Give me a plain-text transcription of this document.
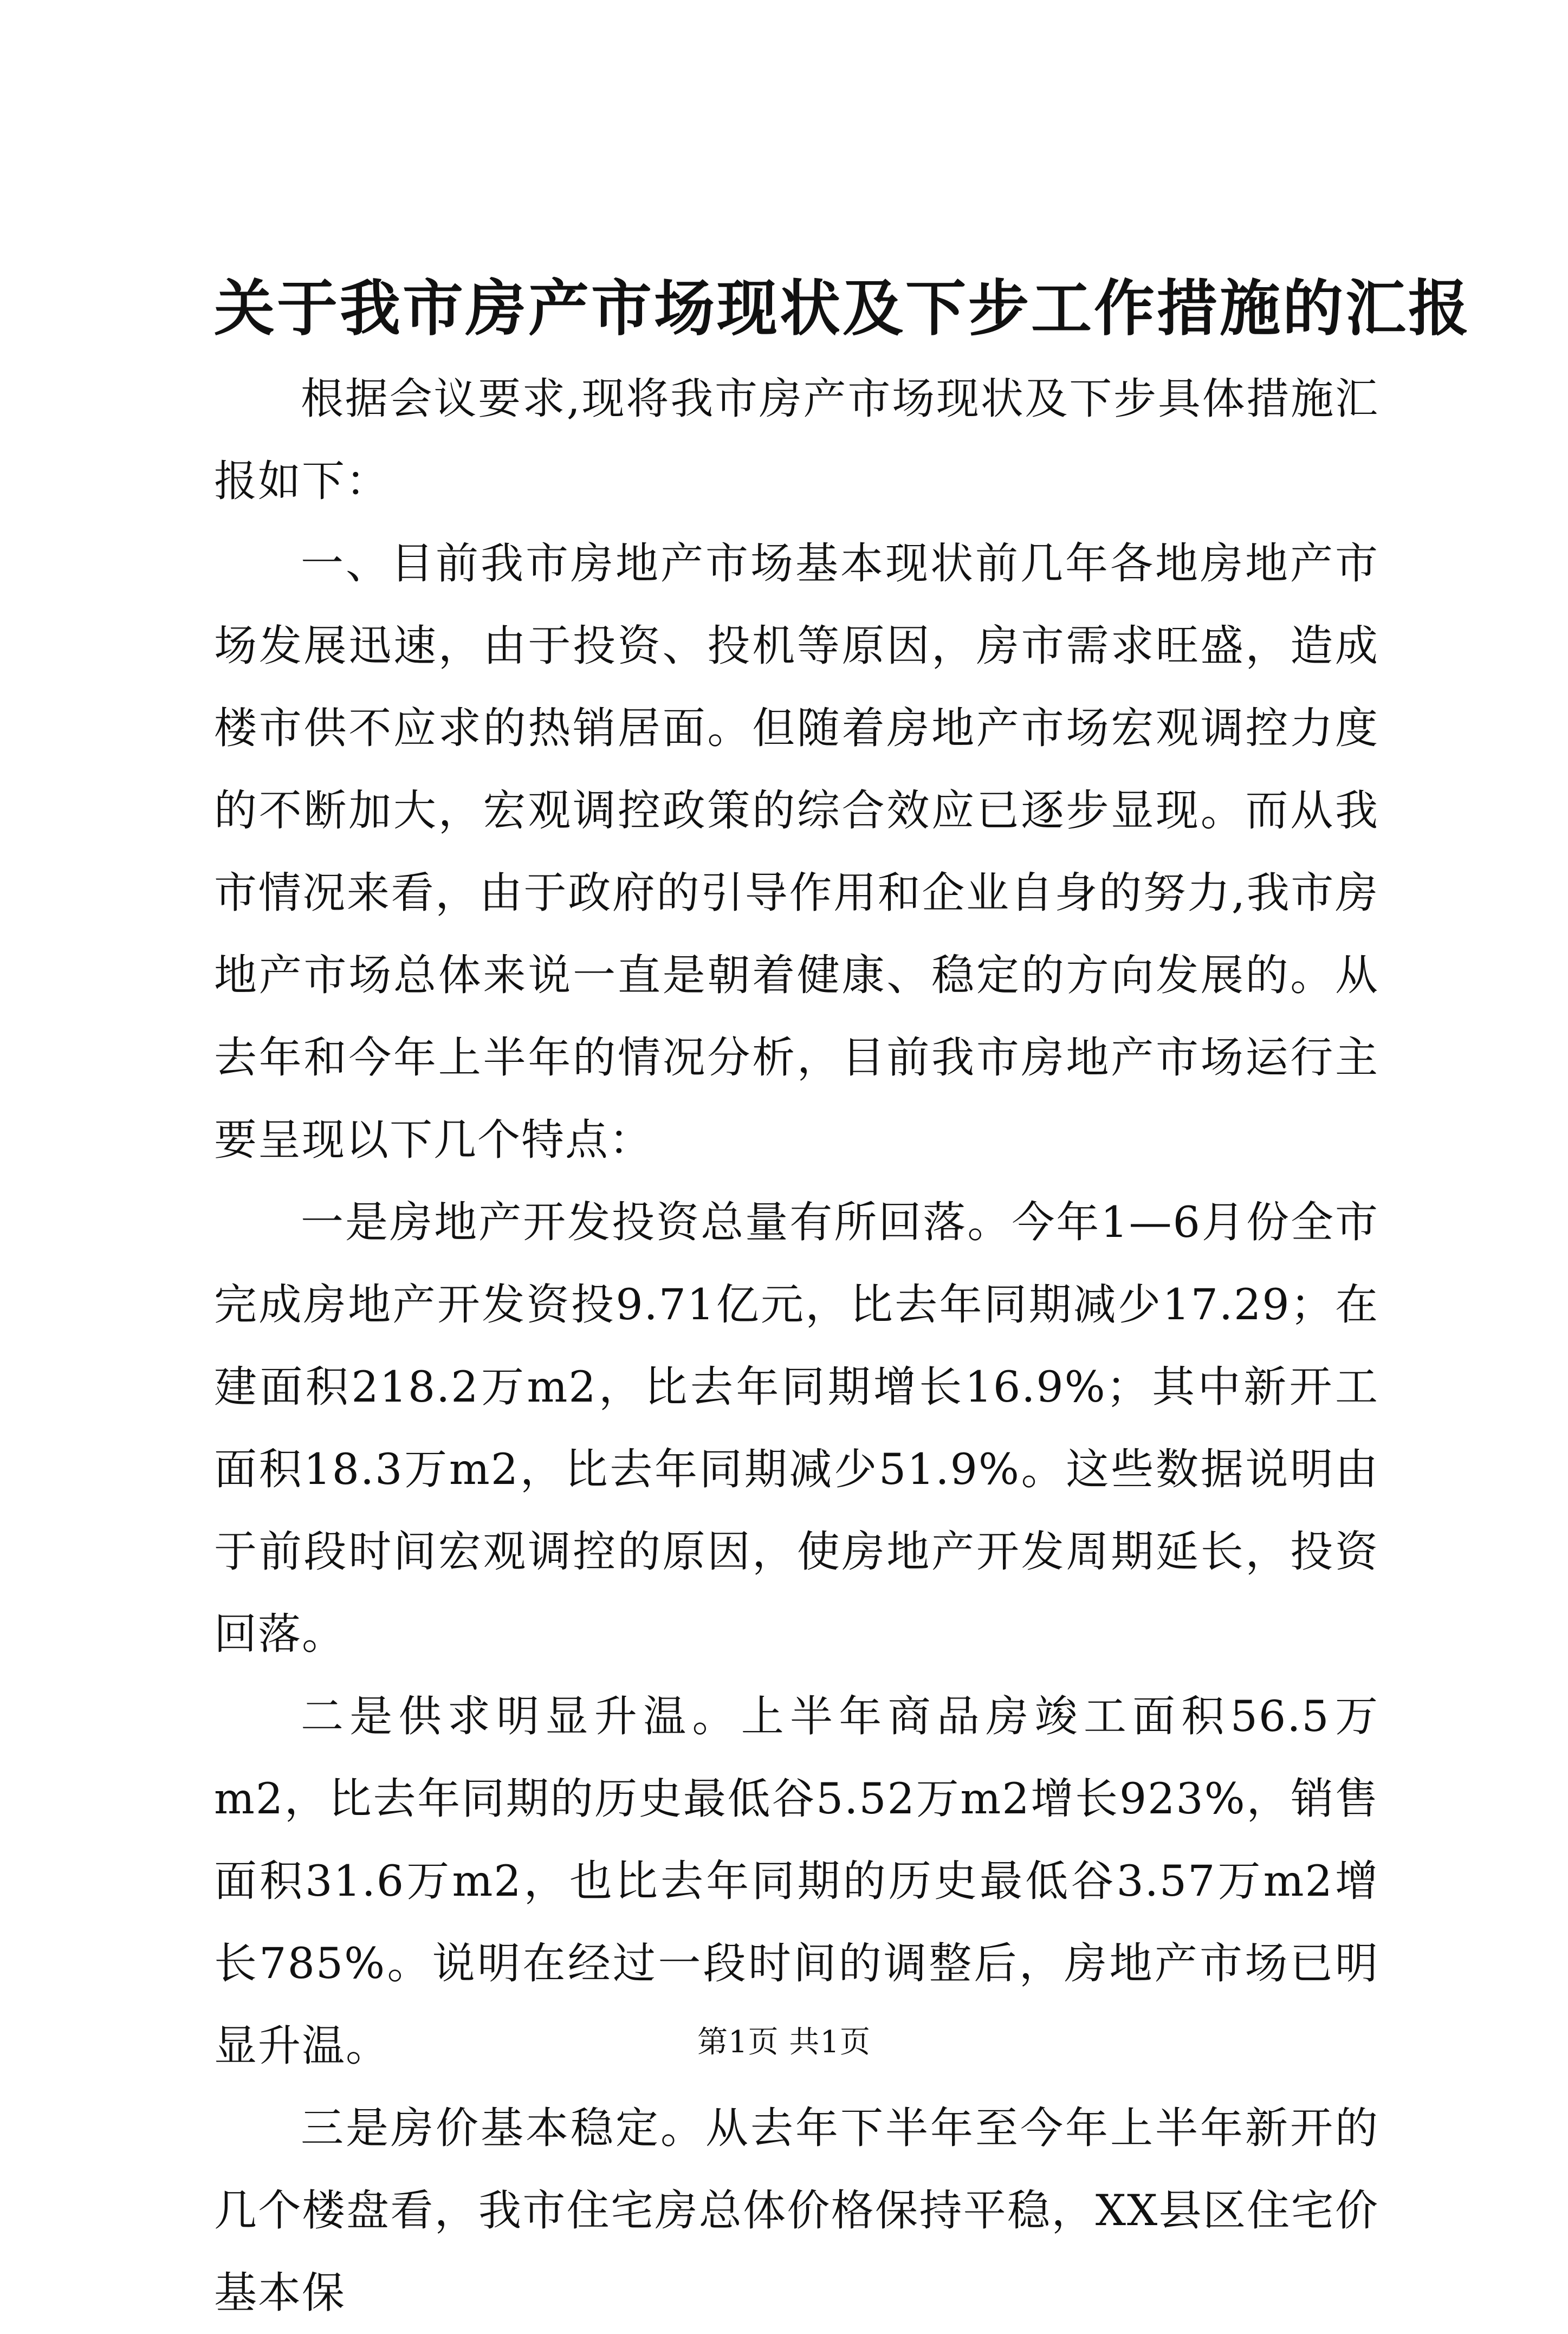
关于我市房产市场现状及下步工作措施的汇报

根据会议要求,现将我市房产市场现状及下步具体措施汇报如下：

一、目前我市房地产市场基本现状前几年各地房地产市场发展迅速，由于投资、投机等原因，房市需求旺盛，造成楼市供不应求的热销居面。但随着房地产市场宏观调控力度的不断加大，宏观调控政策的综合效应已逐步显现。而从我市情况来看，由于政府的引导作用和企业自身的努力,我市房地产市场总体来说一直是朝着健康、稳定的方向发展的。从去年和今年上半年的情况分析，目前我市房地产市场运行主要呈现以下几个特点：

一是房地产开发投资总量有所回落。今年1—6月份全市完成房地产开发资投9.71亿元，比去年同期减少17.29；在建面积218.2万m2，比去年同期增长16.9%；其中新开工面积18.3万m2，比去年同期减少51.9%。这些数据说明由于前段时间宏观调控的原因，使房地产开发周期延长，投资回落。

二是供求明显升温。上半年商品房竣工面积56.5万m2，比去年同期的历史最低谷5.52万m2增长923%，销售面积31.6万m2，也比去年同期的历史最低谷3.57万m2增长785%。说明在经过一段时间的调整后，房地产市场已明显升温。

三是房价基本稳定。从去年下半年至今年上半年新开的几个楼盘看，我市住宅房总体价格保持平稳，XX县区住宅价基本保

第1页 共1页
